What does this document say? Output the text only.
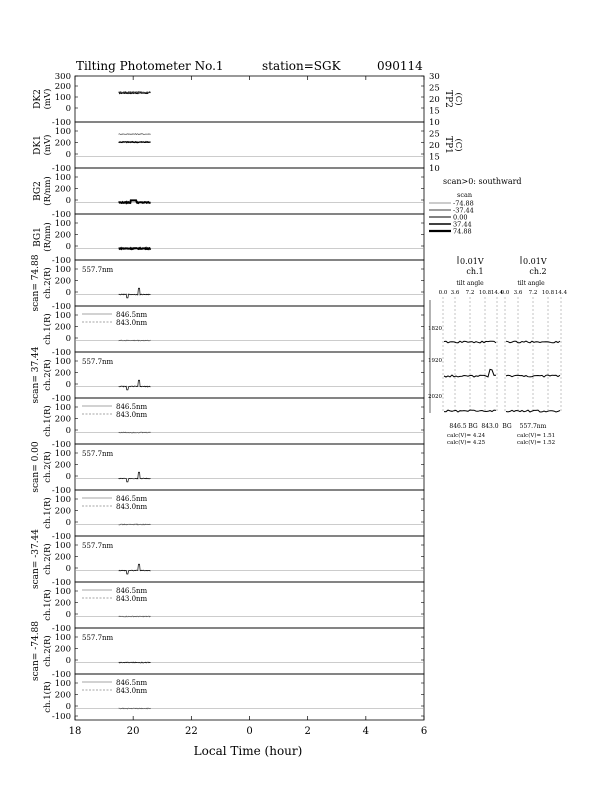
Tilting Photometer No.1	station=SGK	090114
300
200
100
0
DK2 (mV)
30
25
20
15
TP2 (C)
-100
100
200
0
DK1 (mV)
10
25
20
15
10
TP1 (C)
-100
100
200
0
BG2 (R/nm)
-100
100
200
0
BG1 (R/nm)
-100
100
200
0
scan= 74.88 ch.2(R)	557.7nm
-100
100
200
0
ch.1(R)	846.5nm
843.0nm
-100
100
200
0
scan= 37.44 ch.2(R)	557.7nm
-100
100
200
0
ch.1(R)	846.5nm
843.0nm
-100
100
200
0
scan= 0.00 ch.2(R)	557.7nm
-100
100
200
0
ch.1(R)	846.5nm
843.0nm
-100
100
200
0
scan= -37.44 ch.2(R)	557.7nm
-100
100
200
0
ch.1(R)	846.5nm
843.0nm
-100
100
200
0
scan= -74.88 ch.2(R)	557.7nm
-100
100
200
0
-100
ch.1(R)	846.5nm
843.0nm
18	20	22	0	2	4	6
Local Time (hour)
scan>0: southward
scan
-74.88
-37.44
0.00
37.44
74.88
0.01V	0.01V
ch.1	ch.2
tilt angle	tilt angle
0.0 3.6 7.2 10.8 14.4
0.0 3.6 7.2 10.8 14.4
1820
1920
2020
846.5 BG 843.0 BG 557.7nm
calc(V)= 4.24
calc(V)= 4.25
calc(V)= 1.51
calc(V)= 1.52
